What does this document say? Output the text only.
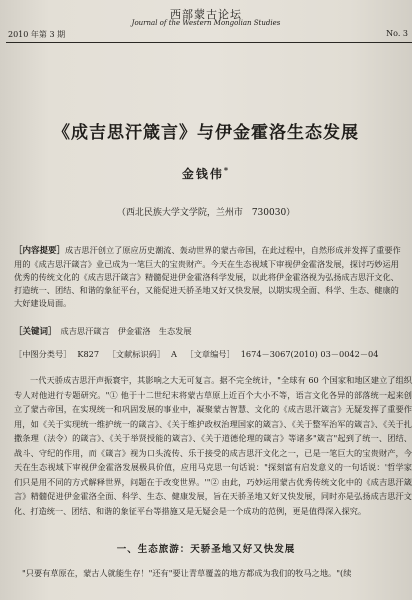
西部蒙古论坛
Journal of the Western Mongolian Studies
2010 年第 3 期	No. 3
《成吉思汗箴言》与伊金霍洛生态发展
金钱伟*
（西北民族大学文学院，兰州市　730030）
［内容提要］成吉思汗创立了原应历史潮流、轰动世界的蒙古帝国，在此过程中，自然形成并发挥了重要作用的《成吉思汗箴言》业已成为一笔巨大的宝贵财产。今天在生态视域下审视伊金霍洛发展，探讨巧妙运用优秀的传统文化的《成吉思汗箴言》精髓促进伊金霍洛科学发展，以此将伊金霍洛视为弘扬成吉思汗文化、打造统一、团结、和谐的象征平台，又能促进天骄圣地又好又快发展，以期实现全面、科学、生态、健康的大好建设局面。
［关键词］ 成吉思汗箴言　伊金霍洛　生态发展
［中图分类号］ K827 ［文献标识码］ A ［文章编号］ 1674－3067(2010) 03－0042－04
一代天骄成吉思汗声振寰宇，其影响之大无可复言。据不完全统计，"全球有 60 个国家和地区建立了组织专人对他进行专题研究。"① 他于十二世纪末将蒙古草原上近百个大小不等，语言文化各异的部落统一起来创立了蒙古帝国，在实现统一和巩固发展的事业中，凝聚蒙古智慧、文化的《成吉思汗箴言》无疑发挥了重要作用，如《关于实现统一维护统一的箴言》、《关于维护政权治理国家的箴言》、《关于整军治军的箴言》、《关于扎撒条理（法令）的箴言》、《关于举贤授能的箴言》、《关于道德伦理的箴言》等诸多"箴言"起到了统一、团结、战斗、守纪的作用，而《箴言》视为口头流传、乐于接受的成吉思汗文化之一，已是一笔巨大的宝贵财产，今天在生态视域下审视伊金霍洛发展极具价值，应用马克思一句话说："探刻富有启发意义的一句话说：'哲学家们只是用不同的方式解释世界，问题在于改变世界。'"② 由此，巧妙运用蒙古优秀传统文化中的《成吉思汗箴言》精髓促进伊金霍洛全面、科学、生态、健康发展，旨在天骄圣地又好又快发展，同时亦是弘扬成吉思汗文化、打造统一、团结、和谐的象征平台等措施又是无疑会是一个成功的范例，更是值得深入探究。
一、生态旅游：天骄圣地又好又快发展
"只要有草原在，蒙古人就能生存！"还有"要让青草覆盖的地方都成为我们的牧马之地。"(续
